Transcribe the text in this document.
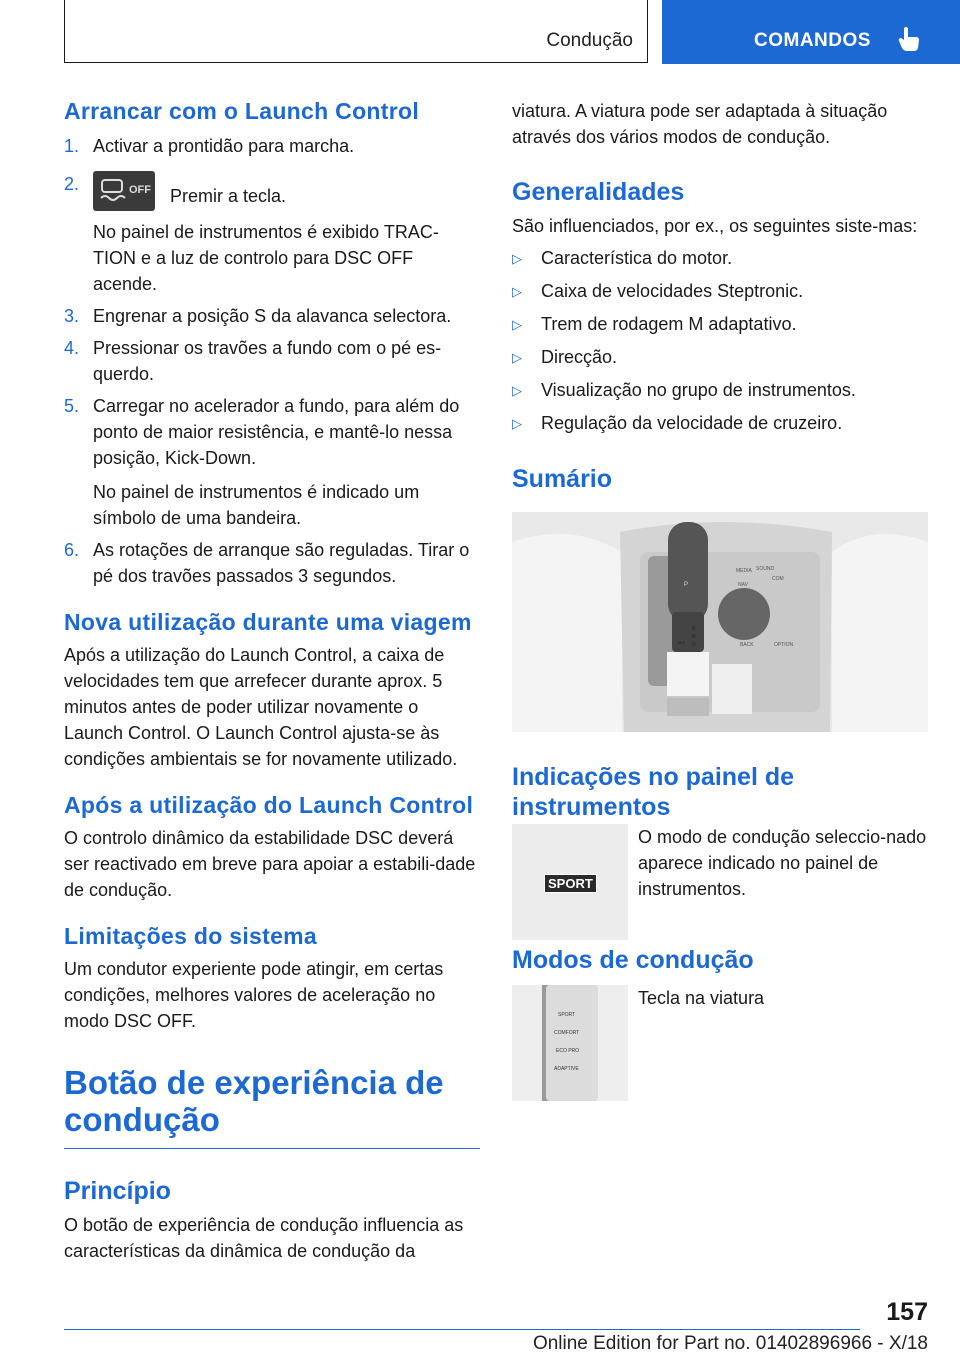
Condução	COMANDOS
Arrancar com o Launch Control
1. Activar a prontidão para marcha.
2.	OFF Premir a tecla.
No painel de instrumentos é exibido TRAC‐TION e a luz de controlo para DSC OFF acende.
3. Engrenar a posição S da alavanca selectora.
4. Pressionar os travões a fundo com o pé es‐querdo.
5. Carregar no acelerador a fundo, para além do ponto de maior resistência, e mantê-lo nessa posição, Kick-Down.
No painel de instrumentos é indicado um símbolo de uma bandeira.
6. As rotações de arranque são reguladas. Tirar o pé dos travões passados 3 segundos.
Nova utilização durante uma viagem

Após a utilização do Launch Control, a caixa de velocidades tem que arrefecer durante aprox. 5 minutos antes de poder utilizar novamente o Launch Control. O Launch Control ajusta-se às condições ambientais se for novamente utilizado.

Após a utilização do Launch Control

O controlo dinâmico da estabilidade DSC deverá ser reactivado em breve para apoiar a estabili‐dade de condução.

Limitações do sistema

Um condutor experiente pode atingir, em certas condições, melhores valores de aceleração no modo DSC OFF.

Botão de experiência de condução
Princípio

O botão de experiência de condução influencia as características da dinâmica de condução da

viatura. A viatura pode ser adaptada à situação através dos vários modos de condução.

Generalidades

São influenciados, por ex., os seguintes siste‐mas:

▷	Característica do motor.
▷	Caixa de velocidades Steptronic.
▷	Trem de rodagem M adaptativo.
▷	Direcção.
▷	Visualização no grupo de instrumentos.
▷	Regulação da velocidade de cruzeiro.
Sumário
MEDIA SOUND
NAV
COM
BACK	OPTION
P
R
N
D
M/S
Indicações no painel de instrumentos
SPORT

O modo de condução seleccio‐nado aparece indicado no painel de instrumentos.

Modos de condução
SPORT
COMFORT
ECO PRO
ADAPTIVE

Tecla na viatura

157
Online Edition for Part no. 01402896966 - X/18
